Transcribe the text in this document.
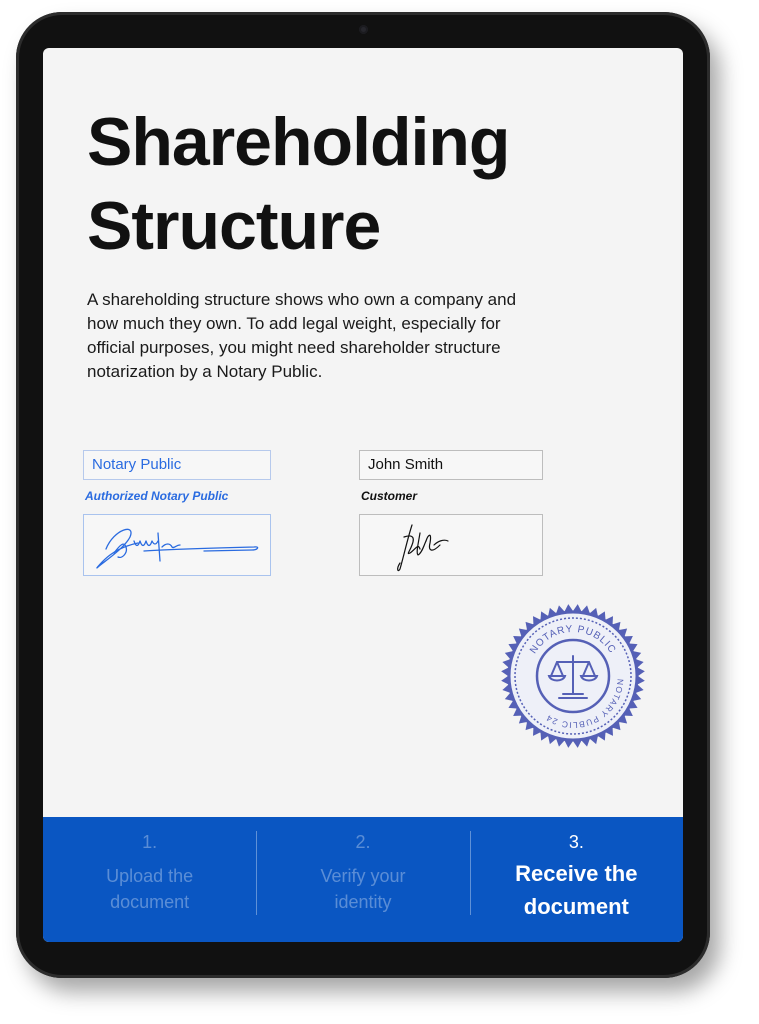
Shareholding
Structure

A shareholding structure shows who own a company and how much they own. To add legal weight, especially for official purposes, you might need shareholder structure notarization by a Notary Public.

Notary Public
Authorized Notary Public
John Smith
Customer
NOTARY PUBLIC
NOTARY PUBLIC 24
1.
Upload the document
2.
Verify your identity
3.
Receive the document
